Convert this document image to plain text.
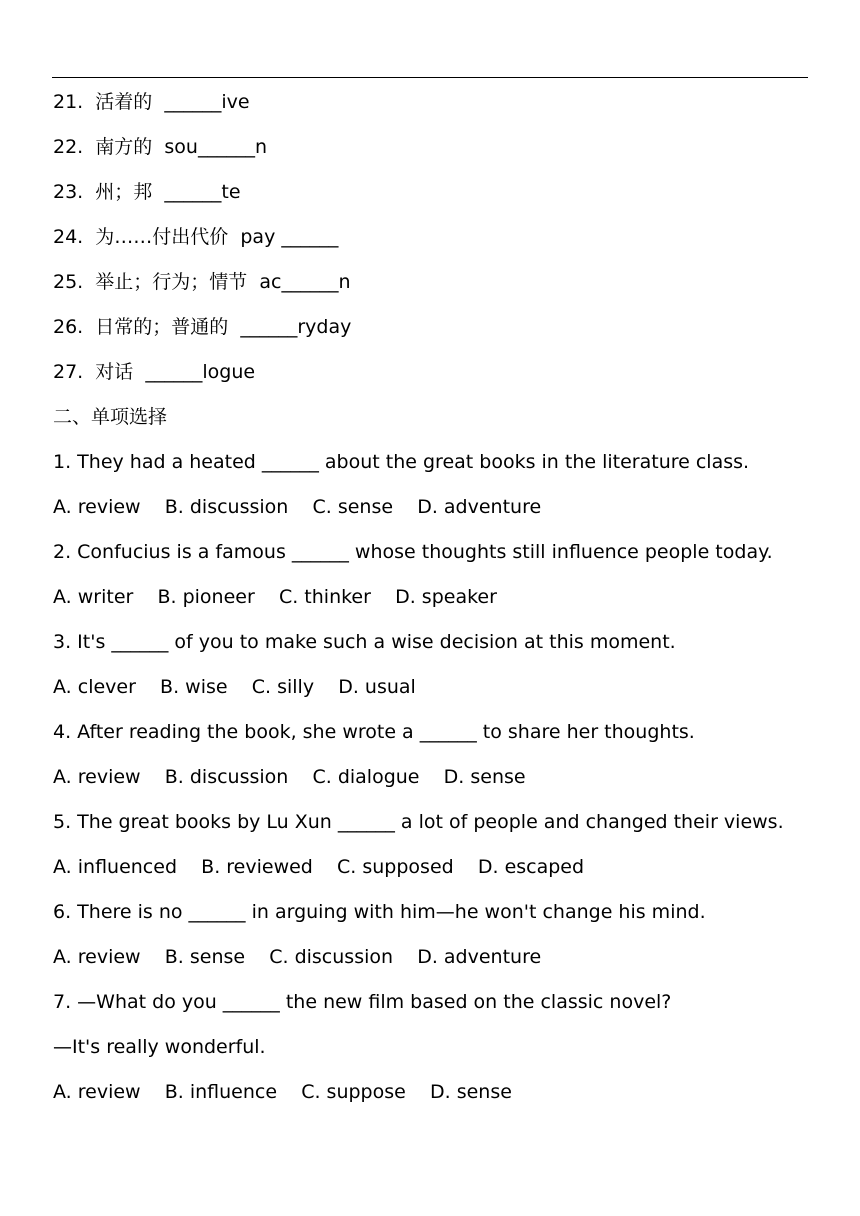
21.  活着的  ______ive
22.  南方的  sou______n
23.  州；邦  ______te
24.  为……付出代价  pay ______
25.  举止；行为；情节  ac______n
26.  日常的；普通的  ______ryday
27.  对话  ______logue
二、单项选择
1. They had a heated ______ about the great books in the literature class.
A. review    B. discussion    C. sense    D. adventure
2. Confucius is a famous ______ whose thoughts still influence people today.
A. writer    B. pioneer    C. thinker    D. speaker
3. It's ______ of you to make such a wise decision at this moment.
A. clever    B. wise    C. silly    D. usual
4. After reading the book, she wrote a ______ to share her thoughts.
A. review    B. discussion    C. dialogue    D. sense
5. The great books by Lu Xun ______ a lot of people and changed their views.
A. influenced    B. reviewed    C. supposed    D. escaped
6. There is no ______ in arguing with him—he won't change his mind.
A. review    B. sense    C. discussion    D. adventure
7. —What do you ______ the new film based on the classic novel?
—It's really wonderful.
A. review    B. influence    C. suppose    D. sense
